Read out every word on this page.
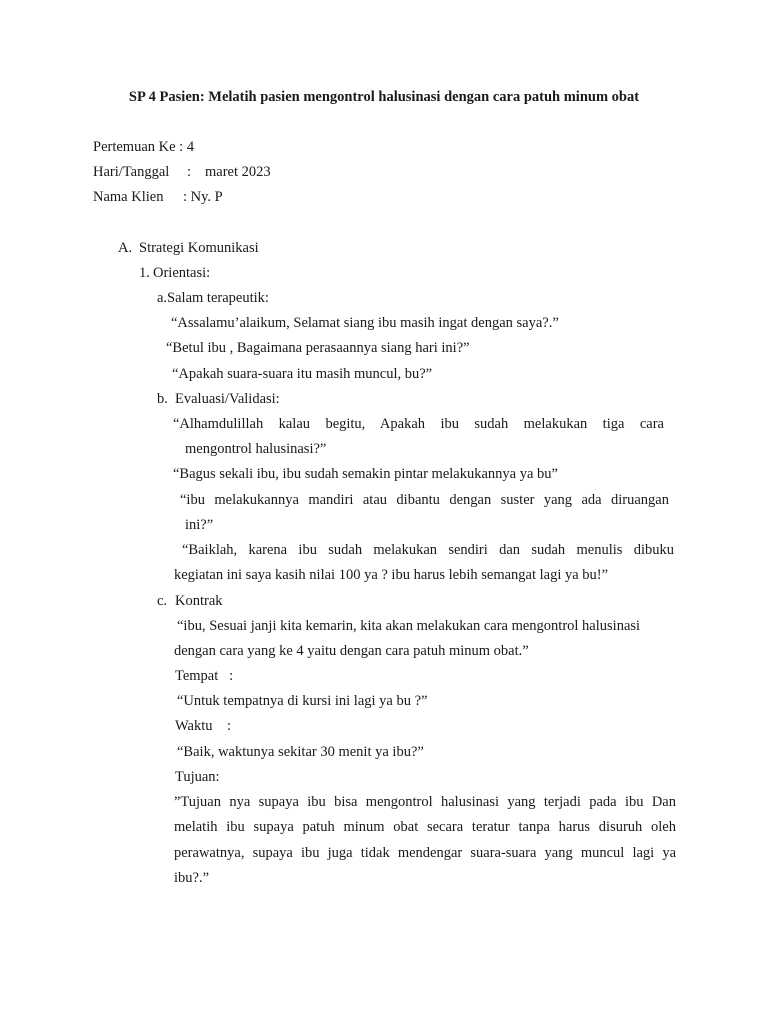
SP 4 Pasien: Melatih pasien mengontrol halusinasi dengan cara patuh minum obat
Pertemuan Ke : 4
Hari/Tanggal : maret 2023
Nama Klien : Ny. P
A. Strategi Komunikasi
1. Orientasi:
a.Salam terapeutik:
“Assalamu’alaikum, Selamat siang ibu masih ingat dengan saya?.”
“Betul ibu , Bagaimana perasaannya siang hari ini?”
“Apakah suara-suara itu masih muncul, bu?”
b. Evaluasi/Validasi:
“Alhamdulillah kalau begitu, Apakah ibu sudah melakukan tiga cara
mengontrol halusinasi?”
“Bagus sekali ibu, ibu sudah semakin pintar melakukannya ya bu”
“ibu melakukannya mandiri atau dibantu dengan suster yang ada diruangan
ini?”
“Baiklah, karena ibu sudah melakukan sendiri dan sudah menulis dibuku
kegiatan ini saya kasih nilai 100 ya ? ibu harus lebih semangat lagi ya bu!”
c. Kontrak
“ibu, Sesuai janji kita kemarin, kita akan melakukan cara mengontrol halusinasi
dengan cara yang ke 4 yaitu dengan cara patuh minum obat.”
Tempat   :
“Untuk tempatnya di kursi ini lagi ya bu ?”
Waktu    :
“Baik, waktunya sekitar 30 menit ya ibu?”
Tujuan:
”Tujuan nya supaya ibu bisa mengontrol halusinasi yang terjadi pada ibu Dan
melatih ibu supaya patuh minum obat secara teratur tanpa harus disuruh oleh
perawatnya, supaya ibu juga tidak mendengar suara-suara yang muncul lagi ya
ibu?.”
